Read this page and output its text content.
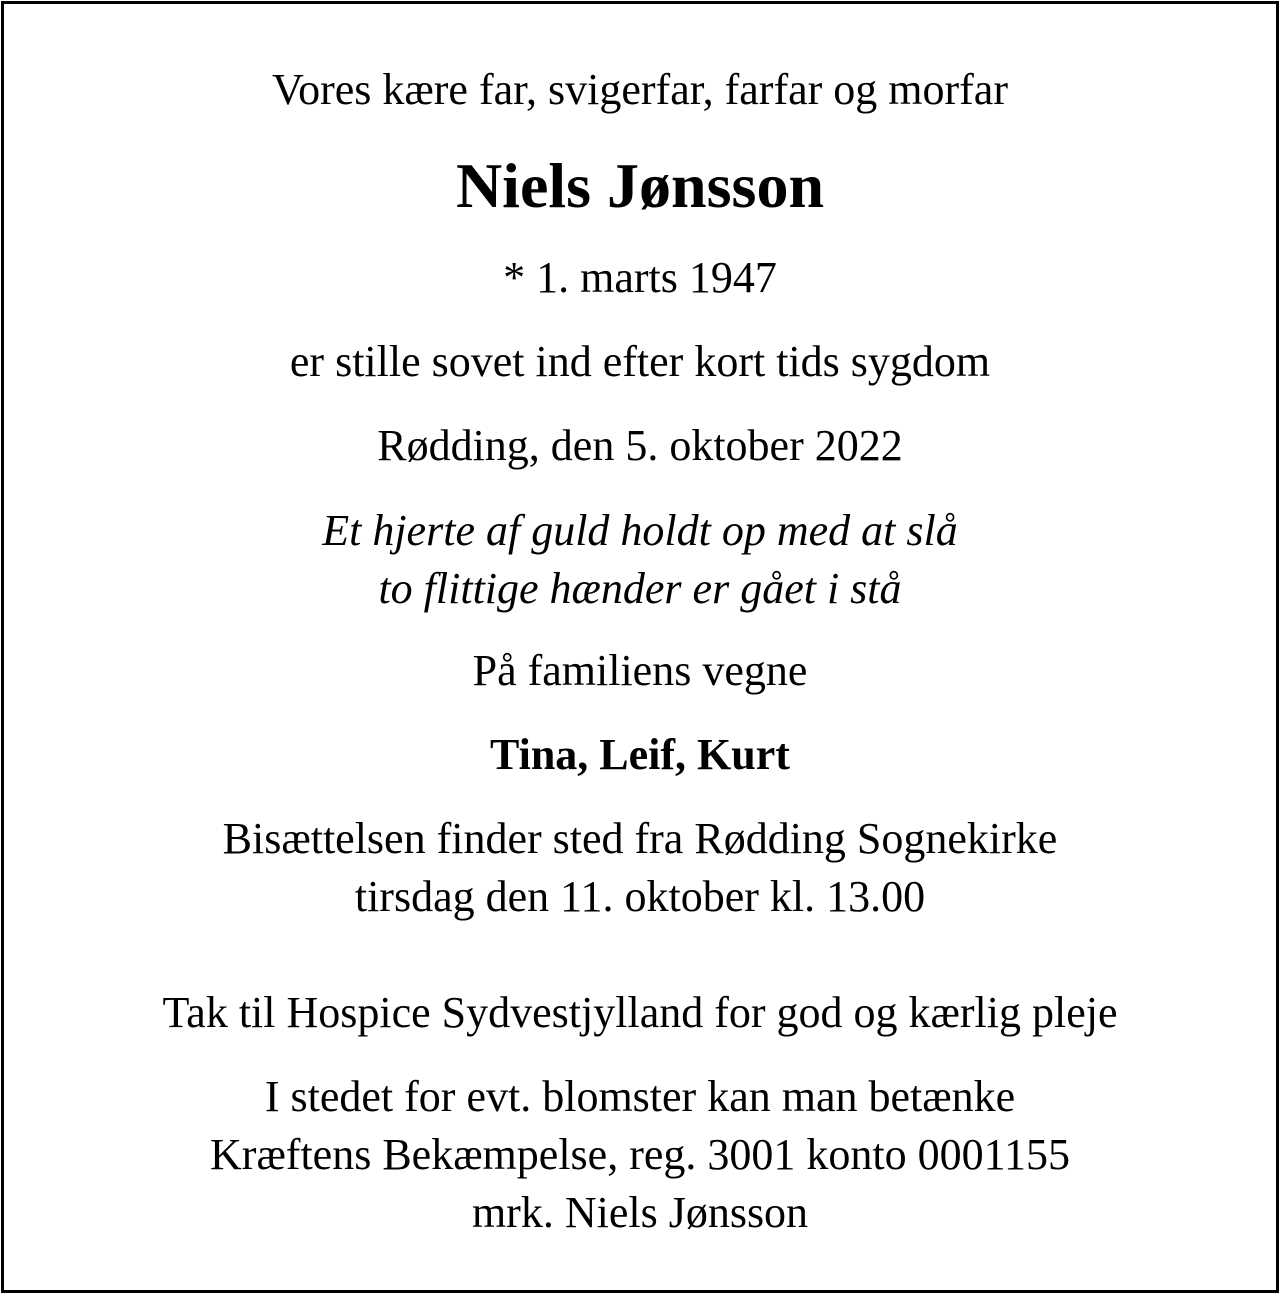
Vores kære far, svigerfar, farfar og morfar
Niels Jønsson
* 1. marts 1947
er stille sovet ind efter kort tids sygdom
Rødding, den 5. oktober 2022
Et hjerte af guld holdt op med at slå
to flittige hænder er gået i stå
På familiens vegne
Tina, Leif, Kurt
Bisættelsen finder sted fra Rødding Sognekirke
tirsdag den 11. oktober kl. 13.00
Tak til Hospice Sydvestjylland for god og kærlig pleje
I stedet for evt. blomster kan man betænke
Kræftens Bekæmpelse, reg. 3001 konto 0001155
mrk. Niels Jønsson
